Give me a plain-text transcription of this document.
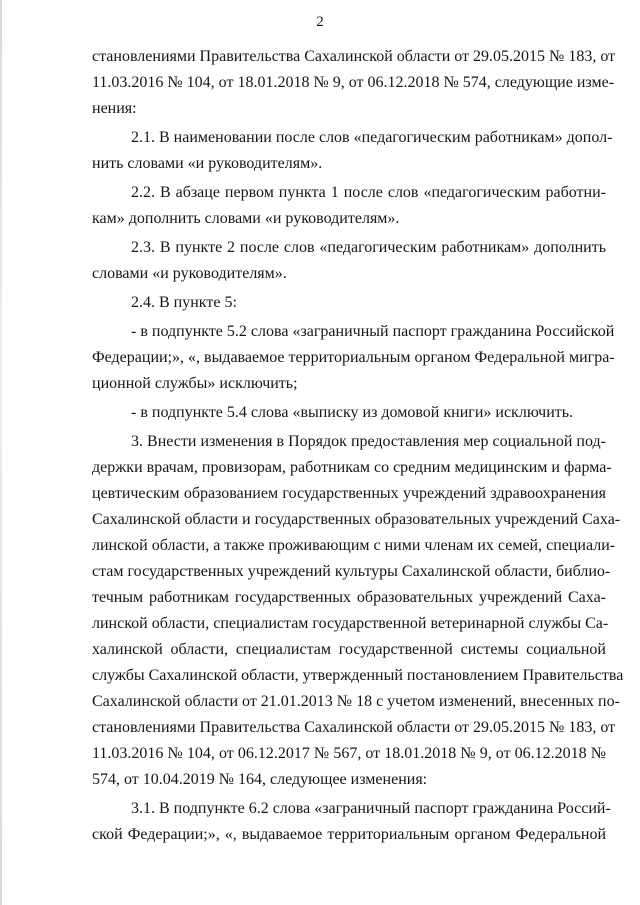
2
становлениями Правительства Сахалинской области от 29.05.2015 № 183, от
11.03.2016 № 104, от 18.01.2018 № 9, от 06.12.2018 № 574, следующие изме-
нения:
2.1. В наименовании после слов «педагогическим работникам» допол-
нить словами «и руководителям».
2.2. В абзаце первом пункта 1 после слов «педагогическим работни-
кам» дополнить словами «и руководителям».
2.3. В пункте 2 после слов «педагогическим работникам» дополнить
словами «и руководителям».
2.4. В пункте 5:
- в подпункте 5.2 слова «заграничный паспорт гражданина Российской
Федерации;», «, выдаваемое территориальным органом Федеральной мигра-
ционной службы» исключить;
- в подпункте 5.4 слова «выписку из домовой книги» исключить.
3. Внести изменения в Порядок предоставления мер социальной под-
держки врачам, провизорам, работникам со средним медицинским и фарма-
цевтическим образованием государственных учреждений здравоохранения
Сахалинской области и государственных образовательных учреждений Саха-
линской области, а также проживающим с ними членам их семей, специали-
стам государственных учреждений культуры Сахалинской области, библио-
течным работникам государственных образовательных учреждений Саха-
линской области, специалистам государственной ветеринарной службы Са-
халинской области, специалистам государственной системы социальной
службы Сахалинской области, утвержденный постановлением Правительства
Сахалинской области от 21.01.2013 № 18 с учетом изменений, внесенных по-
становлениями Правительства Сахалинской области от 29.05.2015 № 183, от
11.03.2016 № 104, от 06.12.2017 № 567, от 18.01.2018 № 9, от 06.12.2018 №
574, от 10.04.2019 № 164, следующее изменения:
3.1. В подпункте 6.2 слова «заграничный паспорт гражданина Россий-
ской Федерации;», «, выдаваемое территориальным органом Федеральной
